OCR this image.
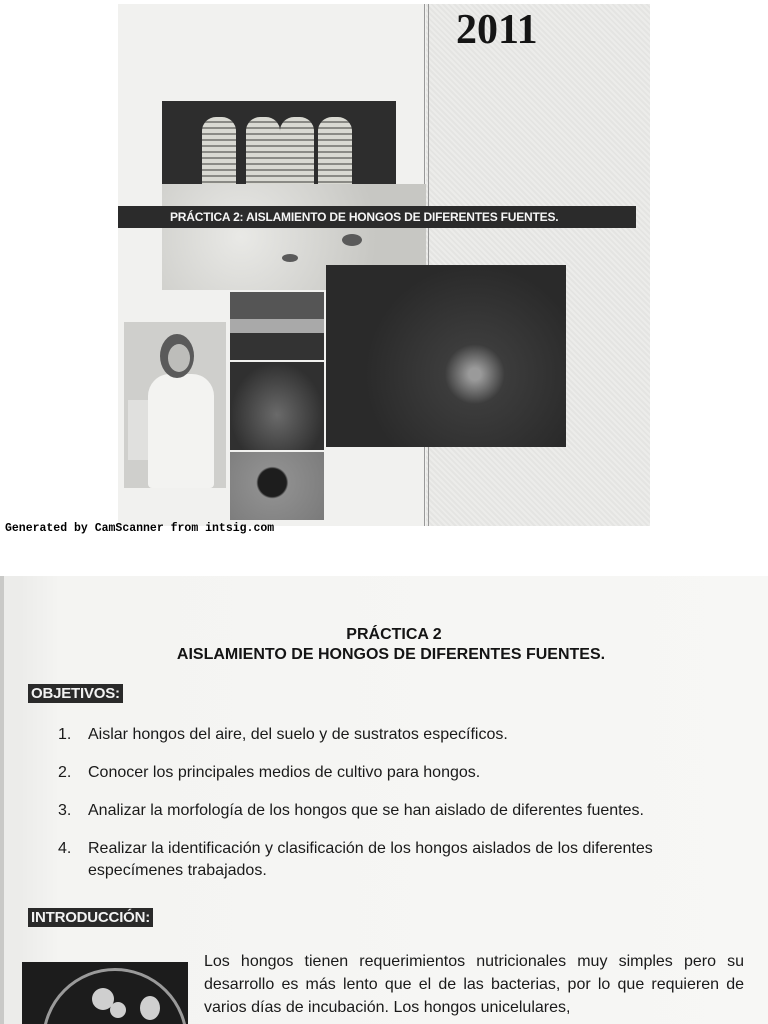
2011
PRÁCTICA 2: AISLAMIENTO DE HONGOS DE DIFERENTES FUENTES.
Generated by CamScanner from intsig.com
PRÁCTICA 2
AISLAMIENTO DE HONGOS DE DIFERENTES FUENTES.
OBJETIVOS:
1. Aislar hongos del aire, del suelo y de sustratos específicos.
2. Conocer los principales medios de cultivo para hongos.
3. Analizar la morfología de los hongos que se han aislado de diferentes fuentes.
4. Realizar la identificación y clasificación de los hongos aislados de los diferentes especímenes trabajados.
INTRODUCCIÓN:

Los hongos tienen requerimientos nutricionales muy simples pero su desarrollo es más lento que el de las bacterias, por lo que requieren de varios días de incubación. Los hongos unicelulares,
